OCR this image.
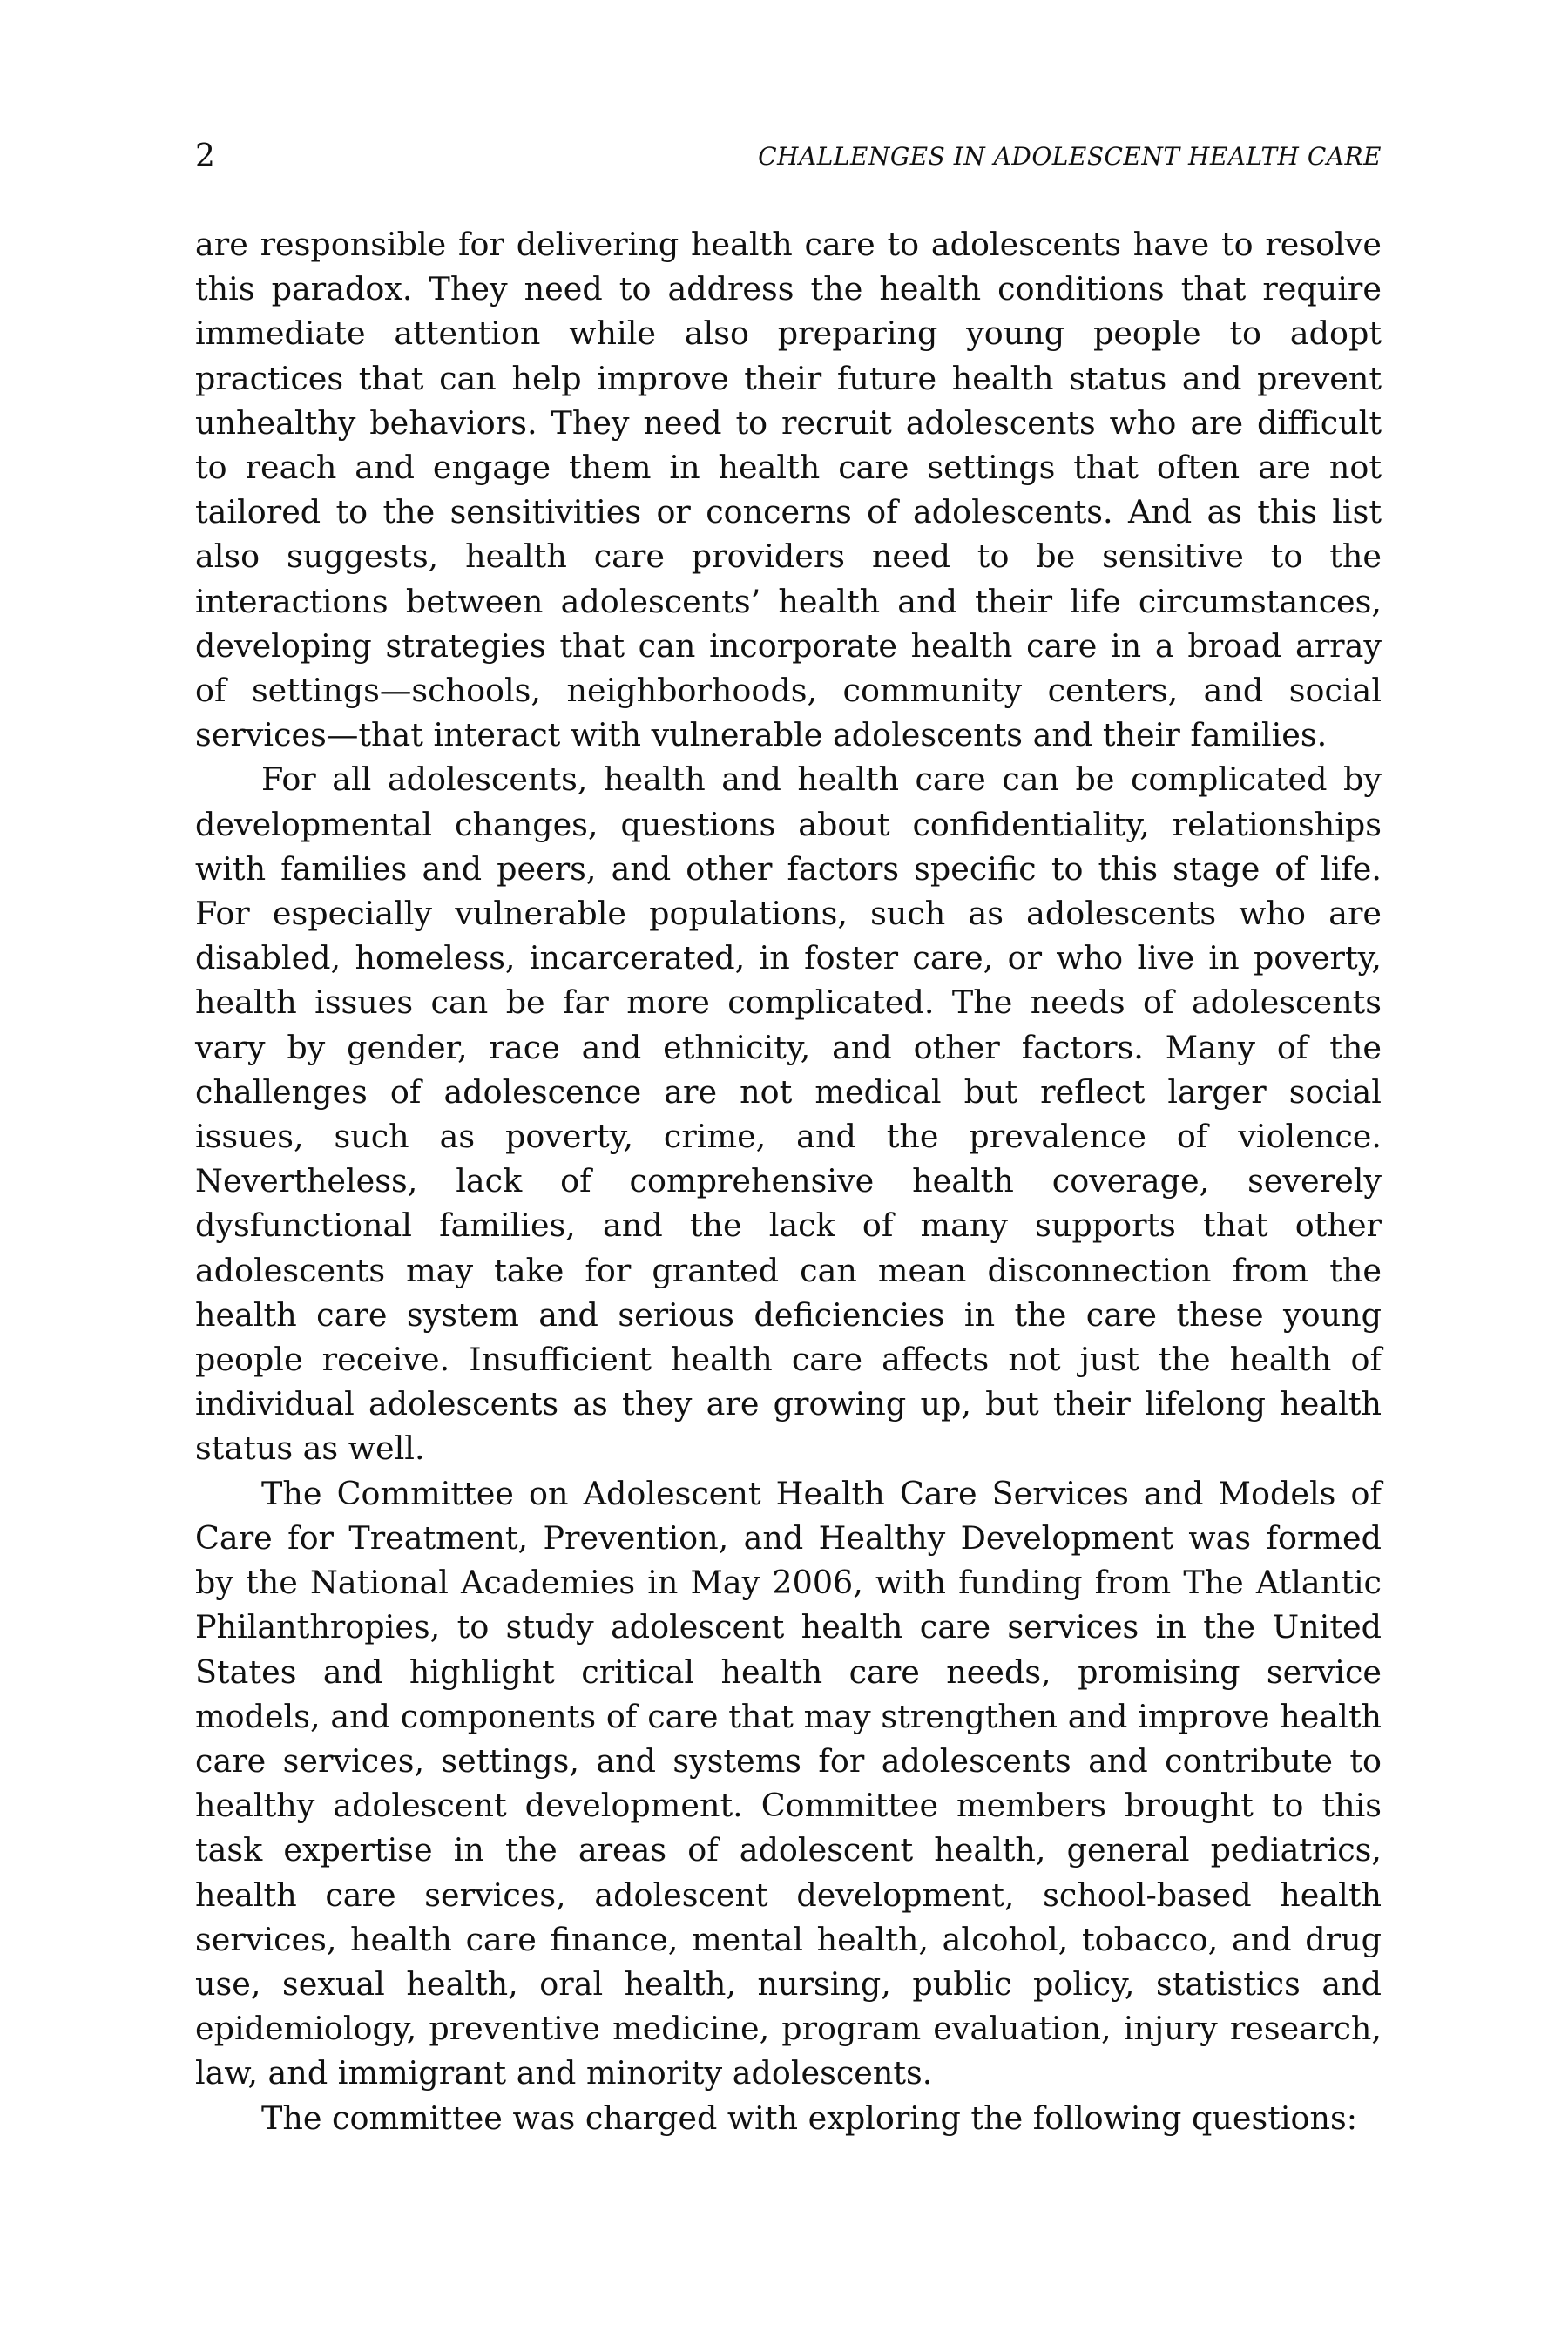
2	CHALLENGES IN ADOLESCENT HEALTH CARE

are responsible for delivering health care to adolescents have to resolve this paradox. They need to address the health conditions that require immediate attention while also preparing young people to adopt practices that can help improve their future health status and prevent unhealthy behaviors. They need to recruit adolescents who are difficult to reach and engage them in health care settings that often are not tailored to the sensitivities or concerns of adolescents. And as this list also suggests, health care providers need to be sensitive to the interactions between adolescents’ health and their life circumstances, developing strategies that can incorporate health care in a broad array of settings—schools, neighborhoods, community centers, and social services—that interact with vulnerable adolescents and their families.

For all adolescents, health and health care can be complicated by developmental changes, questions about confidentiality, relationships with families and peers, and other factors specific to this stage of life. For especially vulnerable populations, such as adolescents who are disabled, homeless, incarcerated, in foster care, or who live in poverty, health issues can be far more complicated. The needs of adolescents vary by gender, race and ethnicity, and other factors. Many of the challenges of adolescence are not medical but reflect larger social issues, such as poverty, crime, and the prevalence of violence. Nevertheless, lack of comprehensive health coverage, severely dysfunctional families, and the lack of many supports that other adolescents may take for granted can mean disconnection from the health care system and serious deficiencies in the care these young people receive. Insufficient health care affects not just the health of individual adolescents as they are growing up, but their lifelong health status as well.

The Committee on Adolescent Health Care Services and Models of Care for Treatment, Prevention, and Healthy Development was formed by the National Academies in May 2006, with funding from The Atlantic Philanthropies, to study adolescent health care services in the United States and highlight critical health care needs, promising service models, and components of care that may strengthen and improve health care services, settings, and systems for adolescents and contribute to healthy adolescent development. Committee members brought to this task expertise in the areas of adolescent health, general pediatrics, health care services, adolescent development, school-based health services, health care finance, mental health, alcohol, tobacco, and drug use, sexual health, oral health, nursing, public policy, statistics and epidemiology, preventive medicine, program evaluation, injury research, law, and immigrant and minority adolescents.

The committee was charged with exploring the following questions:
